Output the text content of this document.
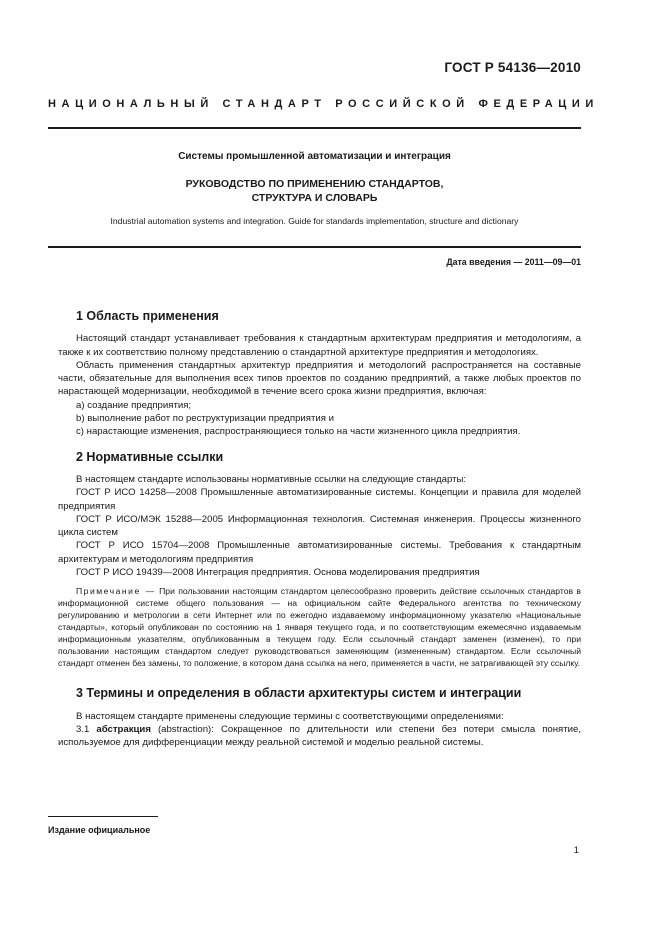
ГОСТ Р 54136—2010
НАЦИОНАЛЬНЫЙ СТАНДАРТ РОССИЙСКОЙ ФЕДЕРАЦИИ
Системы промышленной автоматизации и интеграция
РУКОВОДСТВО ПО ПРИМЕНЕНИЮ СТАНДАРТОВ,
СТРУКТУРА И СЛОВАРЬ
Industrial automation systems and integration. Guide for standards implementation, structure and dictionary
Дата введения — 2011—09—01
1 Область применения

Настоящий стандарт устанавливает требования к стандартным архитектурам предприятия и методологиям, а также к их соответствию полному представлению о стандартной архитектуре предприятия и методологиях.

Область применения стандартных архитектур предприятия и методологий распространяется на составные части, обязательные для выполнения всех типов проектов по созданию предприятий, а также любых проектов по нарастающей модернизации, необходимой в течение всего срока жизни предприятия, включая:

a) создание предприятия;

b) выполнение работ по реструктуризации предприятия и

c) нарастающие изменения, распространяющиеся только на части жизненного цикла предприятия.

2 Нормативные ссылки

В настоящем стандарте использованы нормативные ссылки на следующие стандарты:

ГОСТ Р ИСО 14258—2008 Промышленные автоматизированные системы. Концепции и правила для моделей предприятия

ГОСТ Р ИСО/МЭК 15288—2005 Информационная технология. Системная инженерия. Процессы жизненного цикла систем

ГОСТ Р ИСО 15704—2008 Промышленные автоматизированные системы. Требования к стандартным архитектурам и методологиям предприятия

ГОСТ Р ИСО 19439—2008 Интеграция предприятия. Основа моделирования предприятия

Примечание — При пользовании настоящим стандартом целесообразно проверить действие ссылочных стандартов в информационной системе общего пользования — на официальном сайте Федерального агентства по техническому регулированию и метрологии в сети Интернет или по ежегодно издаваемому информационному указателю «Национальные стандарты», который опубликован по состоянию на 1 января текущего года, и по соответствующим ежемесячно издаваемым информационным указателям, опубликованным в текущем году. Если ссылочный стандарт заменен (изменен), то при пользовании настоящим стандартом следует руководствоваться заменяющим (измененным) стандартом. Если ссылочный стандарт отменен без замены, то положение, в котором дана ссылка на него, применяется в части, не затрагивающей эту ссылку.

3 Термины и определения в области архитектуры систем и интеграции

В настоящем стандарте применены следующие термины с соответствующими определениями:

3.1 абстракция (abstraction): Сокращенное по длительности или степени без потери смысла понятие, используемое для дифференциации между реальной системой и моделью реальной системы.

Издание официальное
1
